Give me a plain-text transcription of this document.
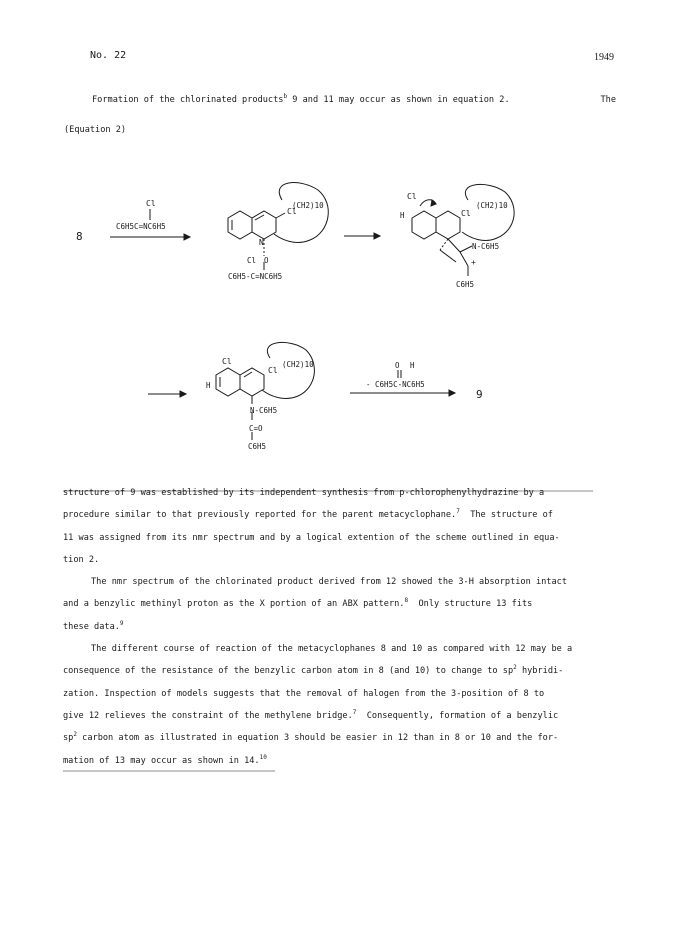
No. 22	1949
Formation of the chlorinated products$^b$ 9 and 11 may occur as shown in equation 2.	The
(Equation 2)
8
Cl
C6H5C=NC6H5
Cl
(CH2)10
N
Cl O
C6H5-C=NC6H5
Cl
H	Cl
(CH2)10
N-C6H5
C6H5
+
H
Cl
Cl
(CH2)10
N-C6H5
C=O
C6H5
O H
- C6H5C-NC6H5
9

structure of 9 was established by its independent synthesis from p-chlorophenylhydrazine by a

procedure similar to that previously reported for the parent metacyclophane.$^7$ The structure of

11 was assigned from its nmr spectrum and by a logical extention of the scheme outlined in equa-

tion 2.

The nmr spectrum of the chlorinated product derived from 12 showed the 3-H absorption intact

and a benzylic methinyl proton as the X portion of an ABX pattern.$^8$ Only structure 13 fits

these data.$^9$

The different course of reaction of the metacyclophanes 8 and 10 as compared with 12 may be a

consequence of the resistance of the benzylic carbon atom in 8 (and 10) to change to $sp^2$ hybridi-

zation. Inspection of models suggests that the removal of halogen from the 3-position of 8 to

give 12 relieves the constraint of the methylene bridge.$^7$ Consequently, formation of a benzylic

$sp^2$ carbon atom as illustrated in equation 3 should be easier in 12 than in 8 or 10 and the for-

mation of 13 may occur as shown in 14.10
